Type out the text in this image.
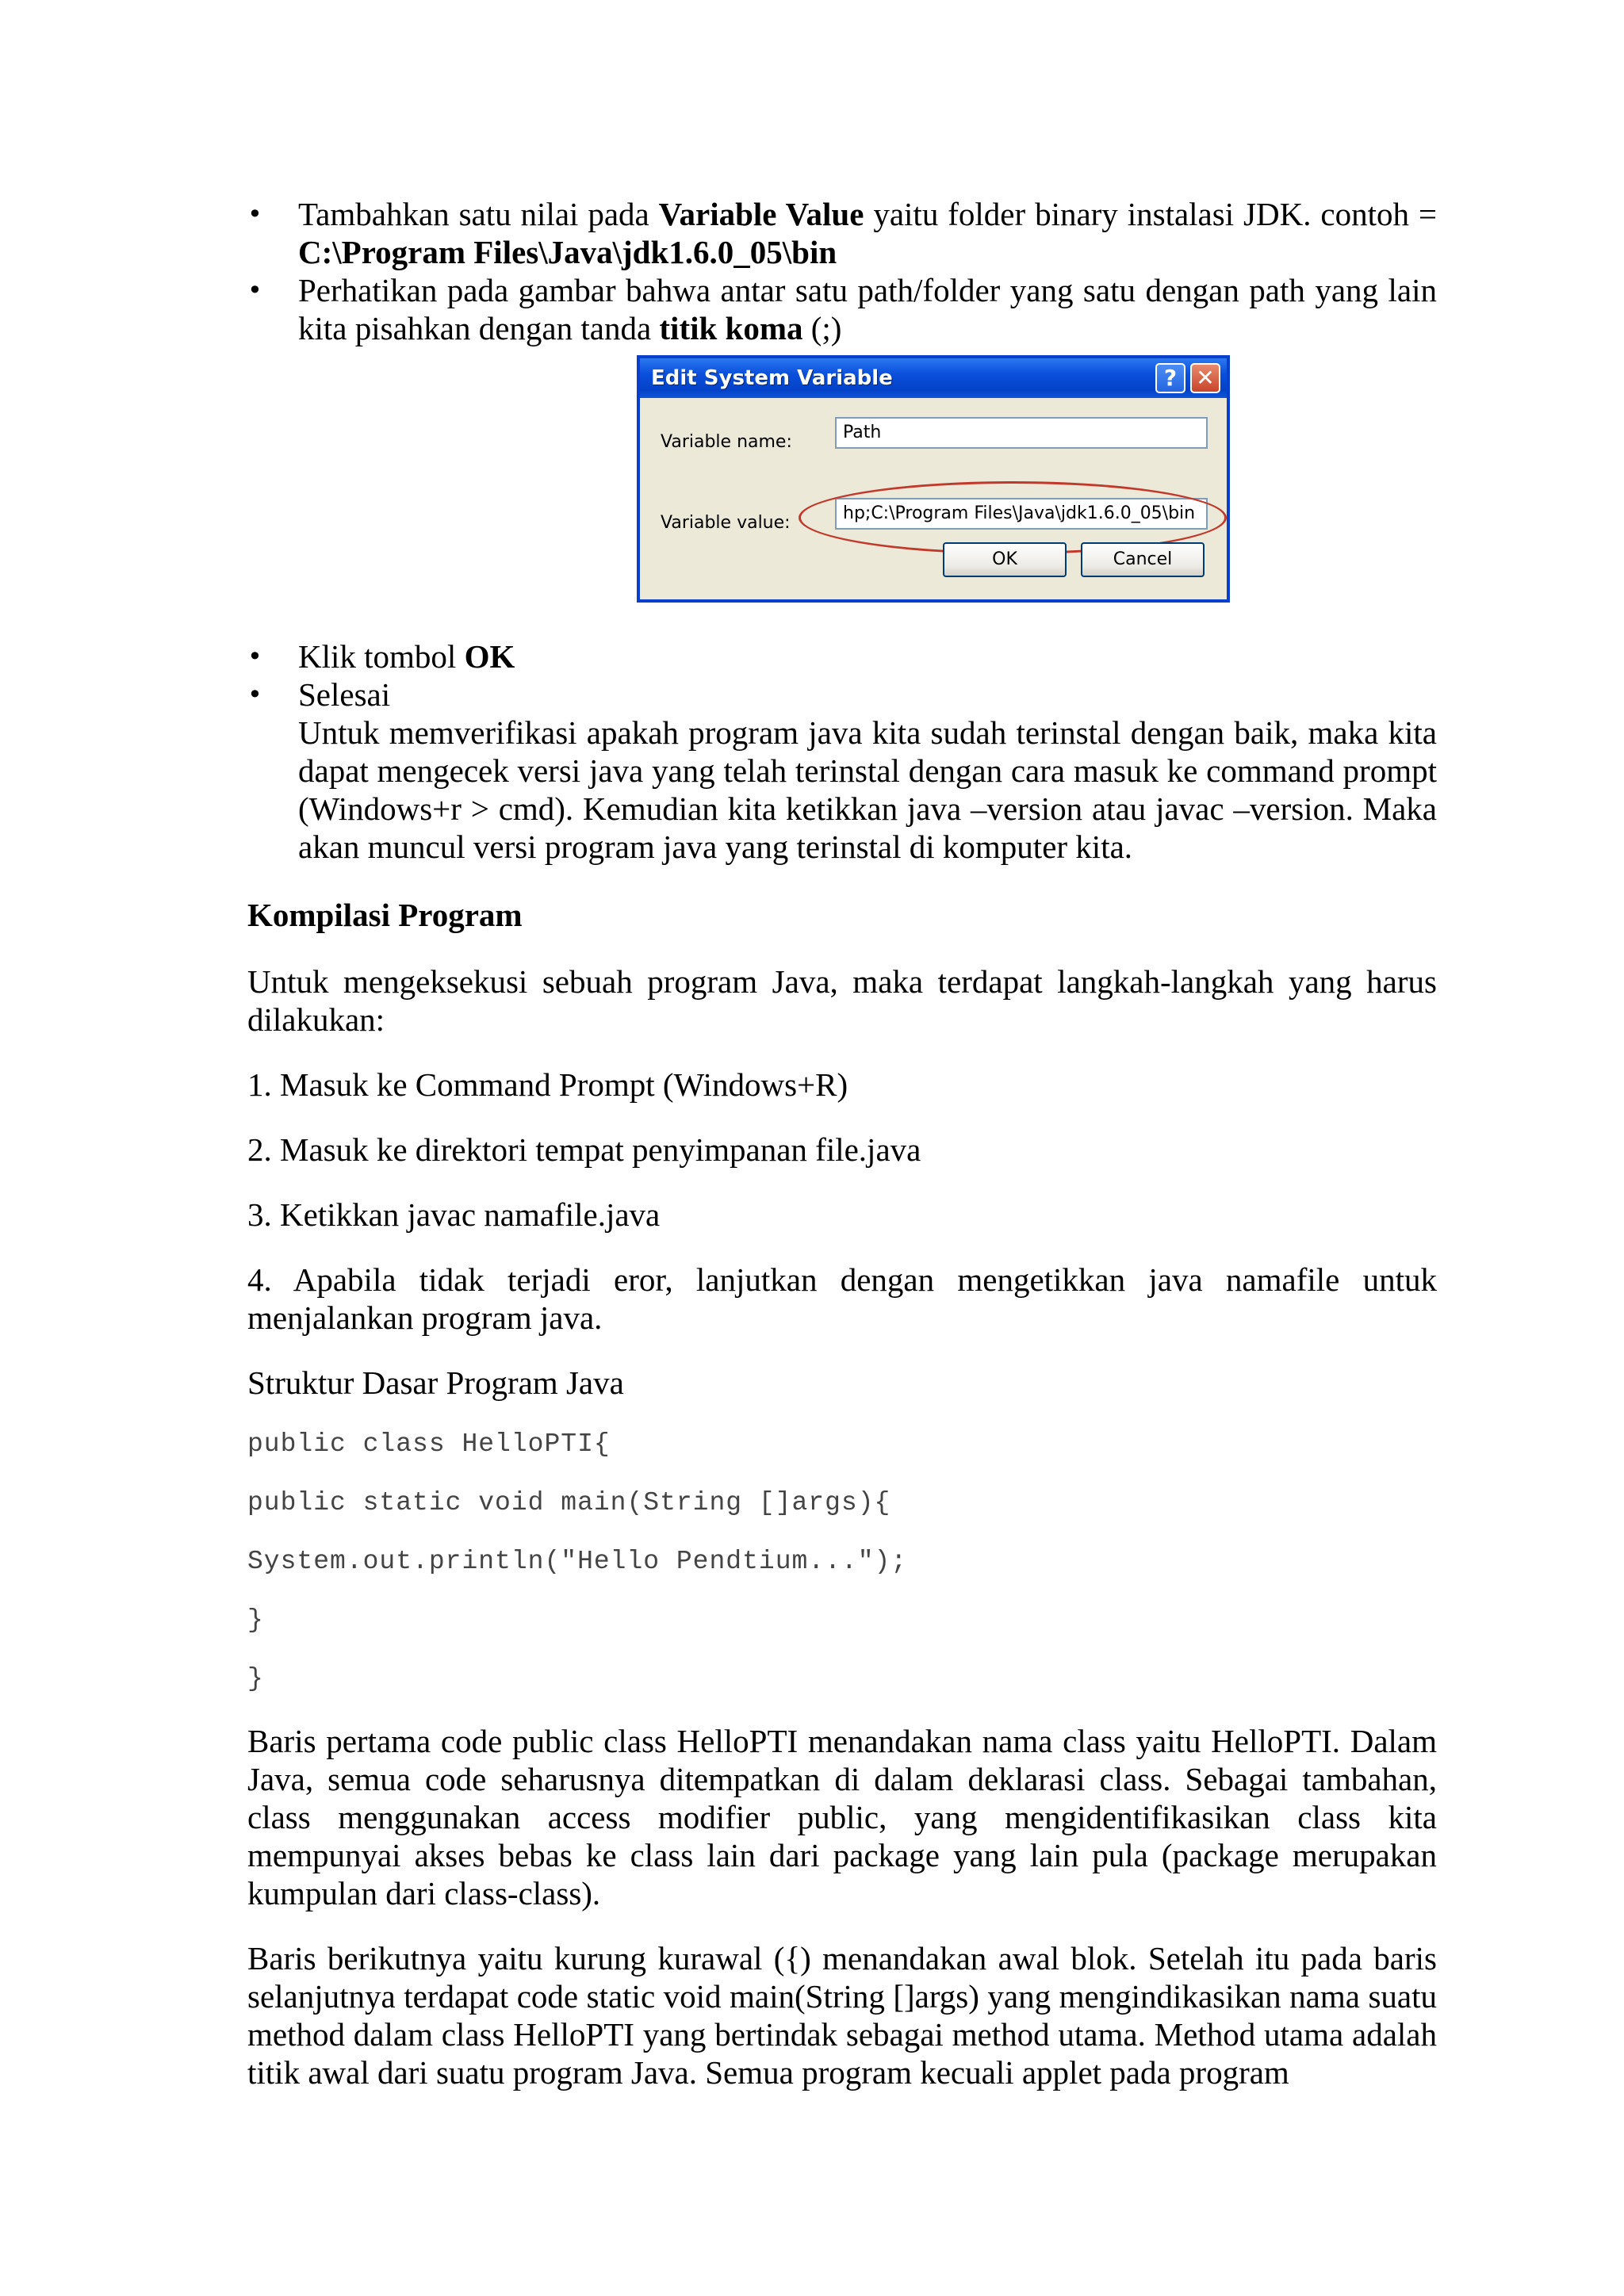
• Tambahkan satu nilai pada Variable Value yaitu folder binary instalasi JDK. contoh = C:\Program Files\Java\jdk1.6.0_05\bin
• Perhatikan pada gambar bahwa antar satu path/folder yang satu dengan path yang lain kita pisahkan dengan tanda titik koma (;)
Edit System Variable	? ✕
Variable name:	Path
Variable value:	hp;C:\Program Files\Java\jdk1.6.0_05\bin
OK	Cancel
• Klik tombol OK
• Selesai
Untuk memverifikasi apakah program java kita sudah terinstal dengan baik, maka kita dapat mengecek versi java yang telah terinstal dengan cara masuk ke command prompt (Windows+r > cmd). Kemudian kita ketikkan java –version atau javac –version. Maka akan muncul versi program java yang terinstal di komputer kita.
Kompilasi Program

Untuk mengeksekusi sebuah program Java, maka terdapat langkah-langkah yang harus dilakukan:

1. Masuk ke Command Prompt (Windows+R)

2. Masuk ke direktori tempat penyimpanan file.java

3. Ketikkan javac namafile.java

4. Apabila tidak terjadi eror, lanjutkan dengan mengetikkan java namafile untuk menjalankan program java.

Struktur Dasar Program Java

public class HelloPTI{
public static void main(String []args){
System.out.println("Hello Pendtium...");
}
}

Baris pertama code public class HelloPTI menandakan nama class yaitu HelloPTI. Dalam Java, semua code seharusnya ditempatkan di dalam deklarasi class. Sebagai tambahan, class menggunakan access modifier public, yang mengidentifikasikan class kita mempunyai akses bebas ke class lain dari package yang lain pula (package merupakan kumpulan dari class-class).

Baris berikutnya yaitu kurung kurawal ({) menandakan awal blok. Setelah itu pada baris selanjutnya terdapat code static void main(String []args) yang mengindikasikan nama suatu method dalam class HelloPTI yang bertindak sebagai method utama. Method utama adalah titik awal dari suatu program Java. Semua program kecuali applet pada program
